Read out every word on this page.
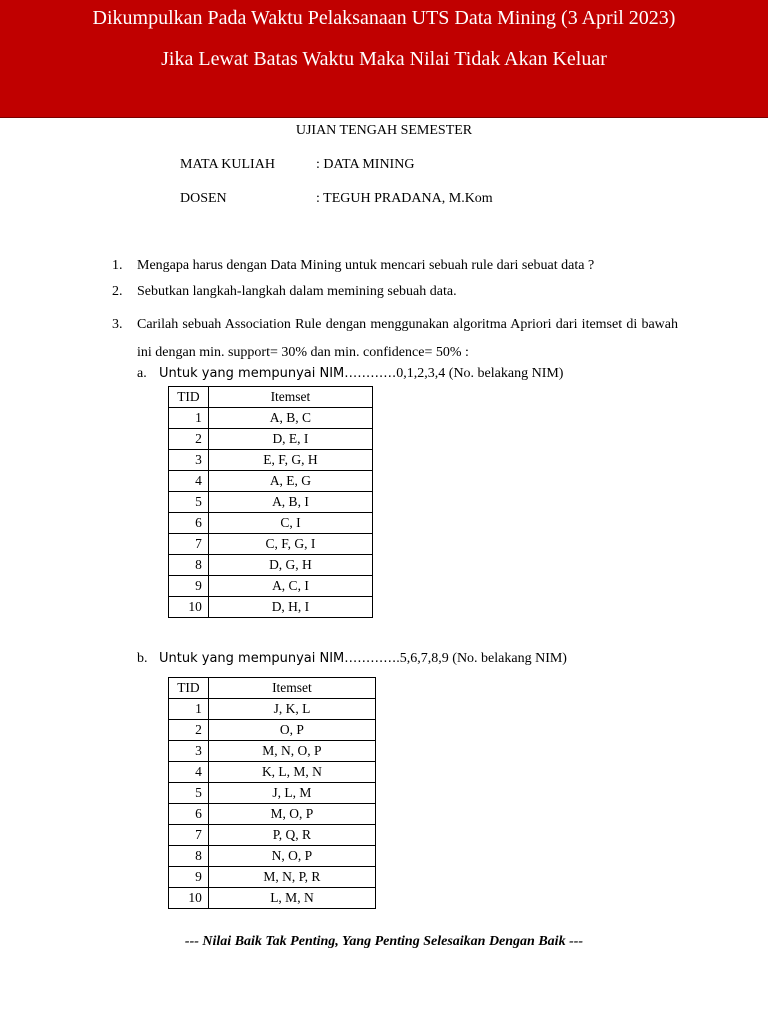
Dikumpulkan Pada Waktu Pelaksanaan UTS Data Mining (3 April 2023)
Jika Lewat Batas Waktu Maka Nilai Tidak Akan Keluar
UJIAN TENGAH SEMESTER
MATA KULIAH	: DATA MINING
DOSEN	: TEGUH PRADANA, M.Kom
1. Mengapa harus dengan Data Mining untuk mencari sebuah rule dari sebuat data ?
2. Sebutkan langkah-langkah dalam memining sebuah data.
3. Carilah sebuah Association Rule dengan menggunakan algoritma Apriori dari itemset di bawah ini dengan min. support= 30% dan min. confidence= 50% :
a. Untuk yang mempunyai NIM…………0,1,2,3,4 (No. belakang NIM)
TID	Itemset
1	A, B, C
2	D, E, I
3	E, F, G, H
4	A, E, G
5	A, B, I
6	C, I
7	C, F, G, I
8	D, G, H
9	A, C, I
10	D, H, I
b. Untuk yang mempunyai NIM………….5,6,7,8,9 (No. belakang NIM)
TID	Itemset
1	J, K, L
2	O, P
3	M, N, O, P
4	K, L, M, N
5	J, L, M
6	M, O, P
7	P, Q, R
8	N, O, P
9	M, N, P, R
10	L, M, N
--- Nilai Baik Tak Penting, Yang Penting Selesaikan Dengan Baik ---
